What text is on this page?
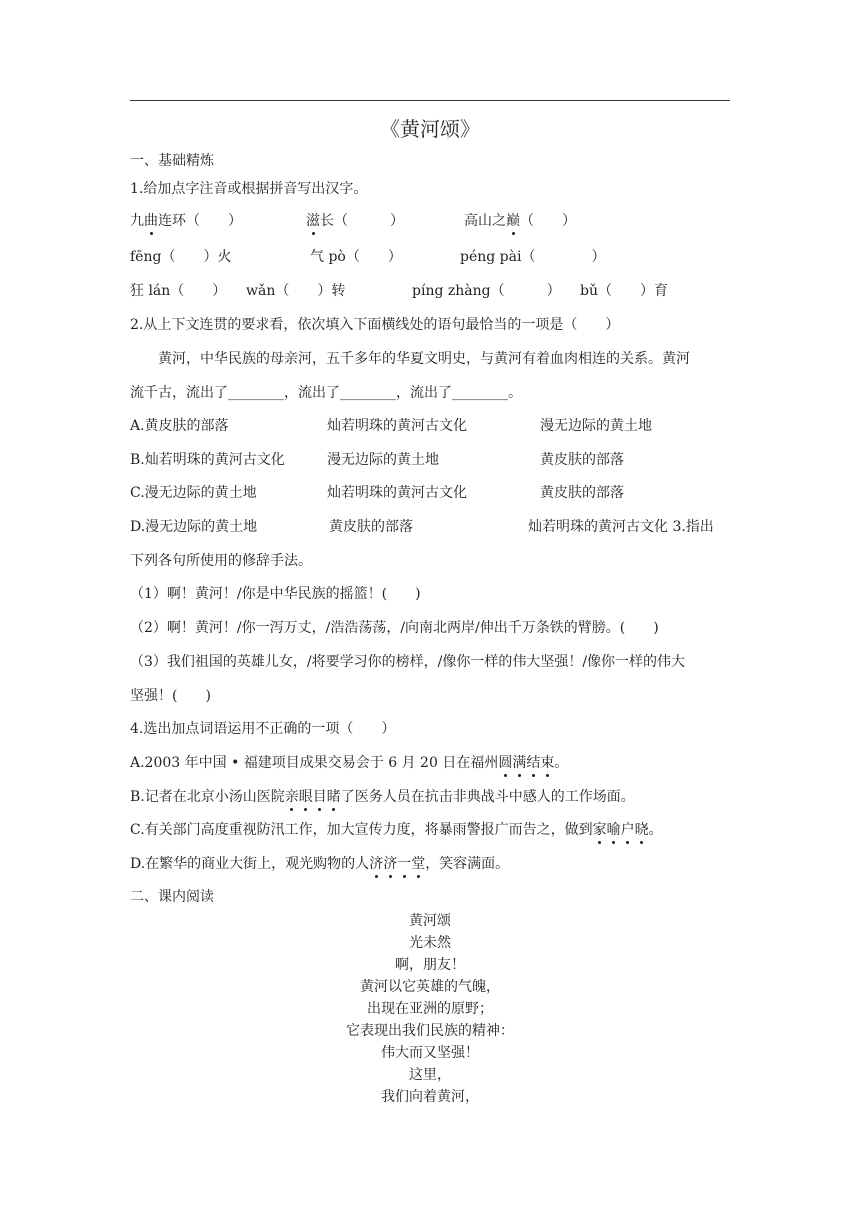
《黄河颂》
一、基础精炼
1.给加点字注音或根据拼音写出汉字。
九曲连环（　　）	滋长（　　　）	高山之巅（　　）
fēng（　　）火	气 pò（　　）	péng pài（　　　　）
狂 lán（　　） wǎn（　　）转	píng zhàng（　　　） bǔ（　　）育
2.从上下文连贯的要求看，依次填入下面横线处的语句最恰当的一项是（　　）
黄河，中华民族的母亲河，五千多年的华夏文明史，与黄河有着血肉相连的关系。黄河
流千古，流出了________，流出了________，流出了________。
A.黄皮肤的部落	灿若明珠的黄河古文化	漫无边际的黄土地
B.灿若明珠的黄河古文化	漫无边际的黄土地	黄皮肤的部落
C.漫无边际的黄土地	灿若明珠的黄河古文化	黄皮肤的部落
D.漫无边际的黄土地	黄皮肤的部落	灿若明珠的黄河古文化 3.指出
下列各句所使用的修辞手法。
（1）啊！黄河！/你是中华民族的摇篮！(　　)
（2）啊！黄河！/你一泻万丈，/浩浩荡荡，/向南北两岸/伸出千万条铁的臂膀。(　　)
（3）我们祖国的英雄儿女，/将要学习你的榜样，/像你一样的伟大坚强！/像你一样的伟大
坚强！(　　)
4.选出加点词语运用不正确的一项（　　）
A.2003 年中国 • 福建项目成果交易会于 6 月 20 日在福州圆满结束。
B.记者在北京小汤山医院亲眼目睹了医务人员在抗击非典战斗中感人的工作场面。
C.有关部门高度重视防汛工作，加大宣传力度，将暴雨警报广而告之，做到家喻户晓。
D.在繁华的商业大街上，观光购物的人济济一堂，笑容满面。
二、课内阅读
黄河颂
光未然
啊，朋友！
黄河以它英雄的气魄，
出现在亚洲的原野；
它表现出我们民族的精神：
伟大而又坚强！
这里，
我们向着黄河，
